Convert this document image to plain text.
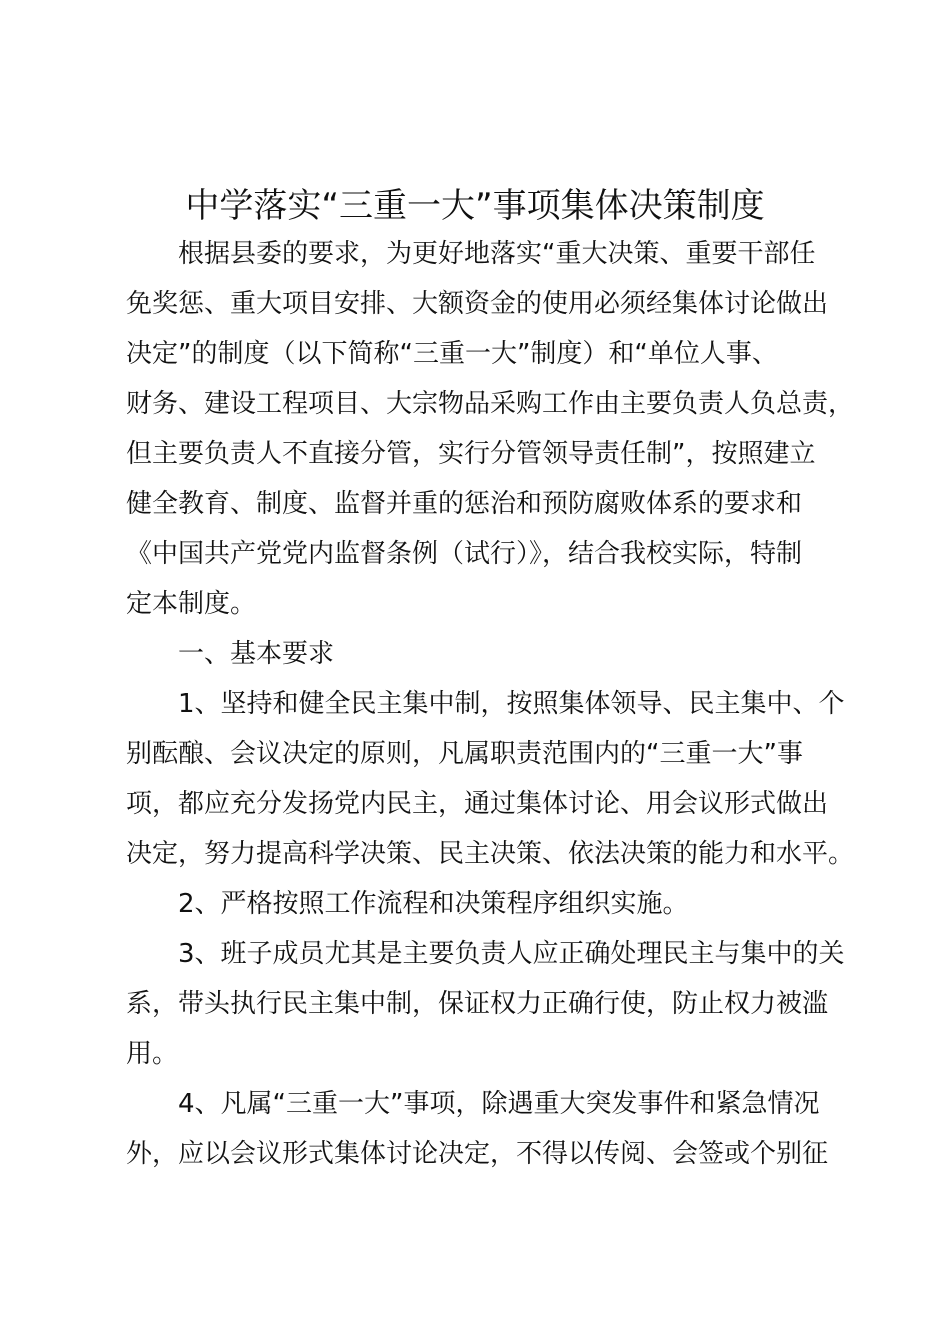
中学落实“三重一大”事项集体决策制度
根据县委的要求，为更好地落实“重大决策、重要干部任
免奖惩、重大项目安排、大额资金的使用必须经集体讨论做出
决定”的制度（以下简称“三重一大”制度）和“单位人事、
财务、建设工程项目、大宗物品采购工作由主要负责人负总责，
但主要负责人不直接分管，实行分管领导责任制”，按照建立
健全教育、制度、监督并重的惩治和预防腐败体系的要求和
《中国共产党党内监督条例（试行）》，结合我校实际，特制
定本制度。
一、基本要求
1、坚持和健全民主集中制，按照集体领导、民主集中、个
别酝酿、会议决定的原则，凡属职责范围内的“三重一大”事
项，都应充分发扬党内民主，通过集体讨论、用会议形式做出
决定，努力提高科学决策、民主决策、依法决策的能力和水平。
2、严格按照工作流程和决策程序组织实施。
3、班子成员尤其是主要负责人应正确处理民主与集中的关
系，带头执行民主集中制，保证权力正确行使，防止权力被滥
用。
4、凡属“三重一大”事项，除遇重大突发事件和紧急情况
外，应以会议形式集体讨论决定，不得以传阅、会签或个别征
